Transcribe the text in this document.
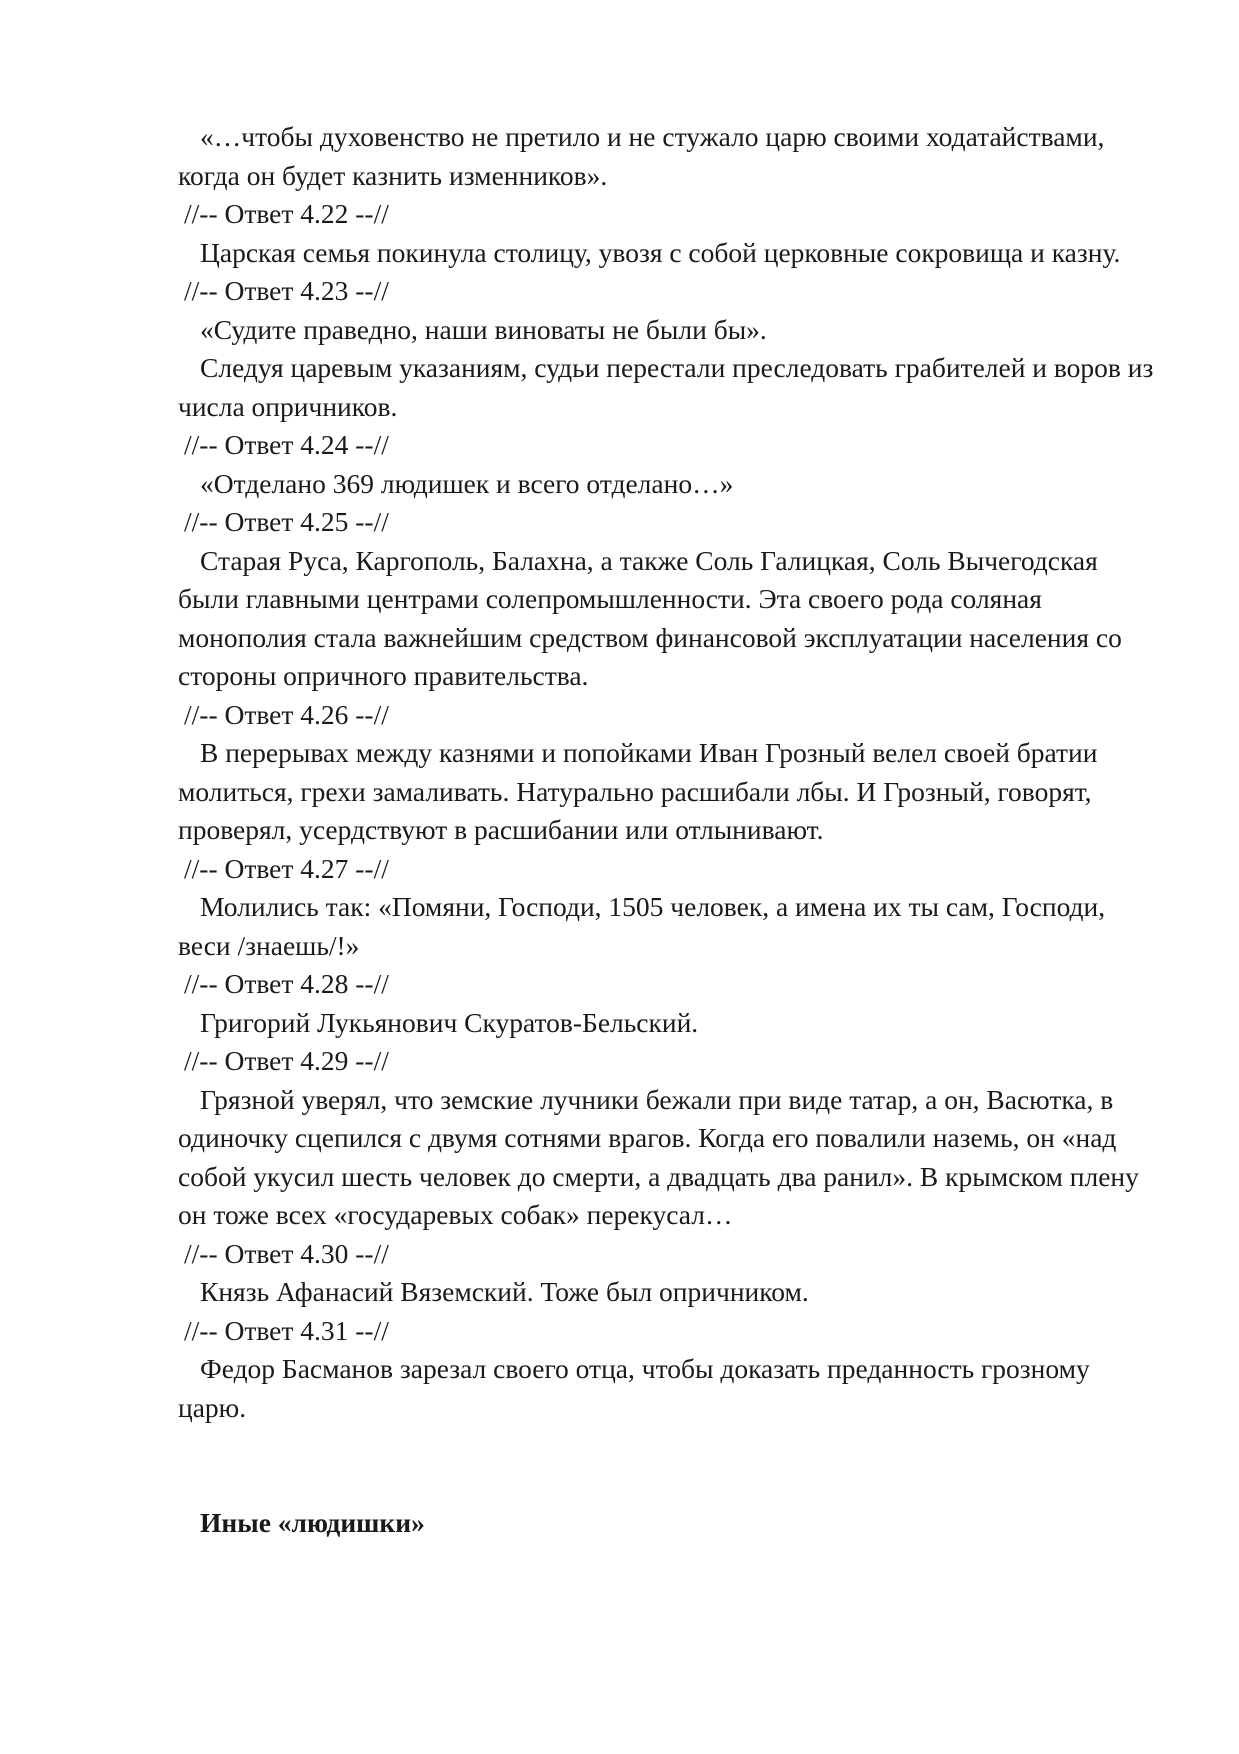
«…чтобы духовенство не претило и не стужало царю своими ходатайствами, когда он будет казнить изменников».

//-- Ответ 4.22 --//

Царская семья покинула столицу, увозя с собой церковные сокровища и казну.

//-- Ответ 4.23 --//

«Судите праведно, наши виноваты не были бы».

Следуя царевым указаниям, судьи перестали преследовать грабителей и воров из числа опричников.

//-- Ответ 4.24 --//

«Отделано 369 людишек и всего отделано…»

//-- Ответ 4.25 --//

Старая Руса, Каргополь, Балахна, а также Соль Галицкая, Соль Вычегодская были главными центрами солепромышленности. Эта своего рода соляная монополия стала важнейшим средством финансовой эксплуатации населения со стороны опричного правительства.

//-- Ответ 4.26 --//

В перерывах между казнями и попойками Иван Грозный велел своей братии молиться, грехи замаливать. Натурально расшибали лбы. И Грозный, говорят, проверял, усердствуют в расшибании или отлынивают.

//-- Ответ 4.27 --//

Молились так: «Помяни, Господи, 1505 человек, а имена их ты сам, Господи, веси /знаешь/!»

//-- Ответ 4.28 --//

Григорий Лукьянович Скуратов-Бельский.

//-- Ответ 4.29 --//

Грязной уверял, что земские лучники бежали при виде татар, а он, Васютка, в одиночку сцепился с двумя сотнями врагов. Когда его повалили наземь, он «над собой укусил шесть человек до смерти, а двадцать два ранил». В крымском плену он тоже всех «государевых собак» перекусал…

//-- Ответ 4.30 --//

Князь Афанасий Вяземский. Тоже был опричником.

//-- Ответ 4.31 --//

Федор Басманов зарезал своего отца, чтобы доказать преданность грозному царю.

Иные «людишки»
